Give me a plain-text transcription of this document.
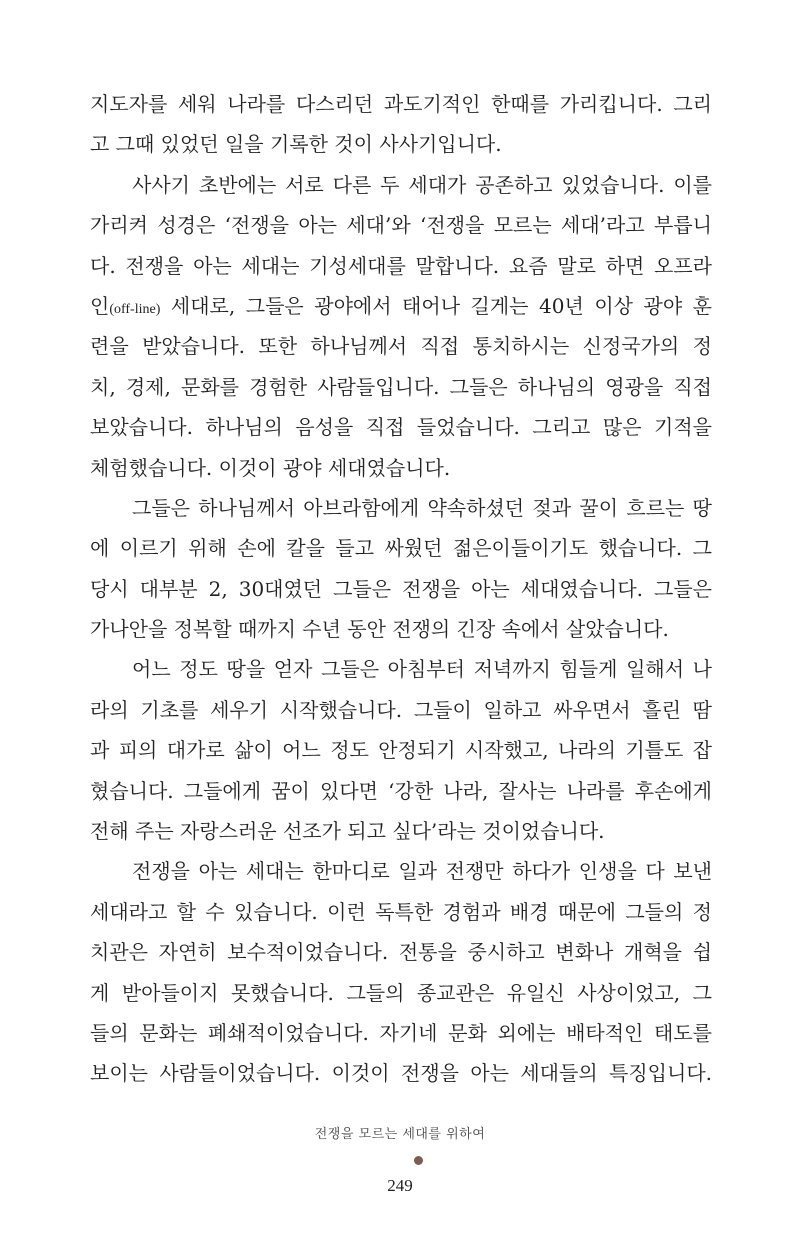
지도자를 세워 나라를 다스리던 과도기적인 한때를 가리킵니다. 그리
고 그때 있었던 일을 기록한 것이 사사기입니다.
사사기 초반에는 서로 다른 두 세대가 공존하고 있었습니다. 이를
가리켜 성경은 ‘전쟁을 아는 세대’와 ‘전쟁을 모르는 세대’라고 부릅니
다. 전쟁을 아는 세대는 기성세대를 말합니다. 요즘 말로 하면 오프라
인(off-line) 세대로, 그들은 광야에서 태어나 길게는 40년 이상 광야 훈
련을 받았습니다. 또한 하나님께서 직접 통치하시는 신정국가의 정
치, 경제, 문화를 경험한 사람들입니다. 그들은 하나님의 영광을 직접
보았습니다. 하나님의 음성을 직접 들었습니다. 그리고 많은 기적을
체험했습니다. 이것이 광야 세대였습니다.
그들은 하나님께서 아브라함에게 약속하셨던 젖과 꿀이 흐르는 땅
에 이르기 위해 손에 칼을 들고 싸웠던 젊은이들이기도 했습니다. 그
당시 대부분 2, 30대였던 그들은 전쟁을 아는 세대였습니다. 그들은
가나안을 정복할 때까지 수년 동안 전쟁의 긴장 속에서 살았습니다.
어느 정도 땅을 얻자 그들은 아침부터 저녁까지 힘들게 일해서 나
라의 기초를 세우기 시작했습니다. 그들이 일하고 싸우면서 흘린 땀
과 피의 대가로 삶이 어느 정도 안정되기 시작했고, 나라의 기틀도 잡
혔습니다. 그들에게 꿈이 있다면 ‘강한 나라, 잘사는 나라를 후손에게
전해 주는 자랑스러운 선조가 되고 싶다’라는 것이었습니다.
전쟁을 아는 세대는 한마디로 일과 전쟁만 하다가 인생을 다 보낸
세대라고 할 수 있습니다. 이런 독특한 경험과 배경 때문에 그들의 정
치관은 자연히 보수적이었습니다. 전통을 중시하고 변화나 개혁을 쉽
게 받아들이지 못했습니다. 그들의 종교관은 유일신 사상이었고, 그
들의 문화는 폐쇄적이었습니다. 자기네 문화 외에는 배타적인 태도를
보이는 사람들이었습니다. 이것이 전쟁을 아는 세대들의 특징입니다.
전쟁을 모르는 세대를 위하여
249
